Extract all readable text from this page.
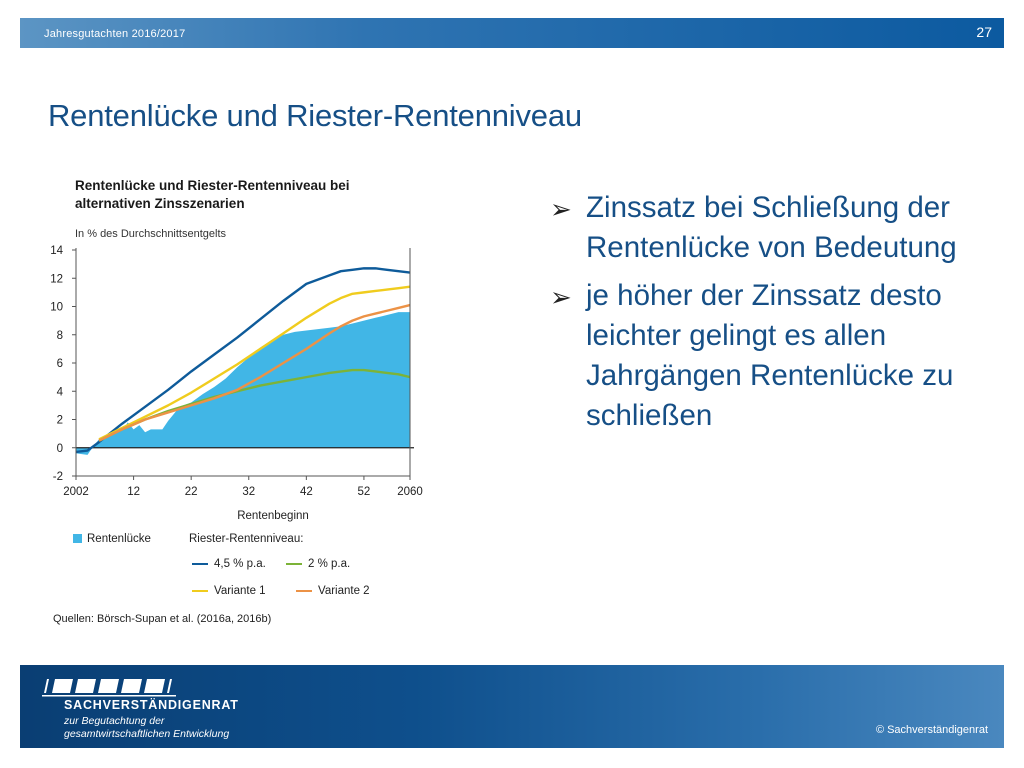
Jahresgutachten 2016/2017	27
Rentenlücke und Riester-Rentenniveau
-2
0
2
4
6
8
10
12
14
2002	12	22	32	42	52 2060
Rentenbeginn
Rentenlücke und Riester-Rentenniveau bei alternativen Zinsszenarien
In % des Durchschnittsentgelts
Rentenlücke	Riester-Rentenniveau:
4,5 % p.a.	2 % p.a.
Variante 1	Variante 2
Quellen: Börsch-Supan et al. (2016a, 2016b)
➢ Zinssatz bei Schließung der Rentenlücke von Bedeutung
➢ je höher der Zinssatz desto leichter gelingt es allen Jahrgängen Rentenlücke zu schließen
SACHVERSTÄNDIGENRAT
zur Begutachtung der
gesamtwirtschaftlichen Entwicklung	© Sachverständigenrat
